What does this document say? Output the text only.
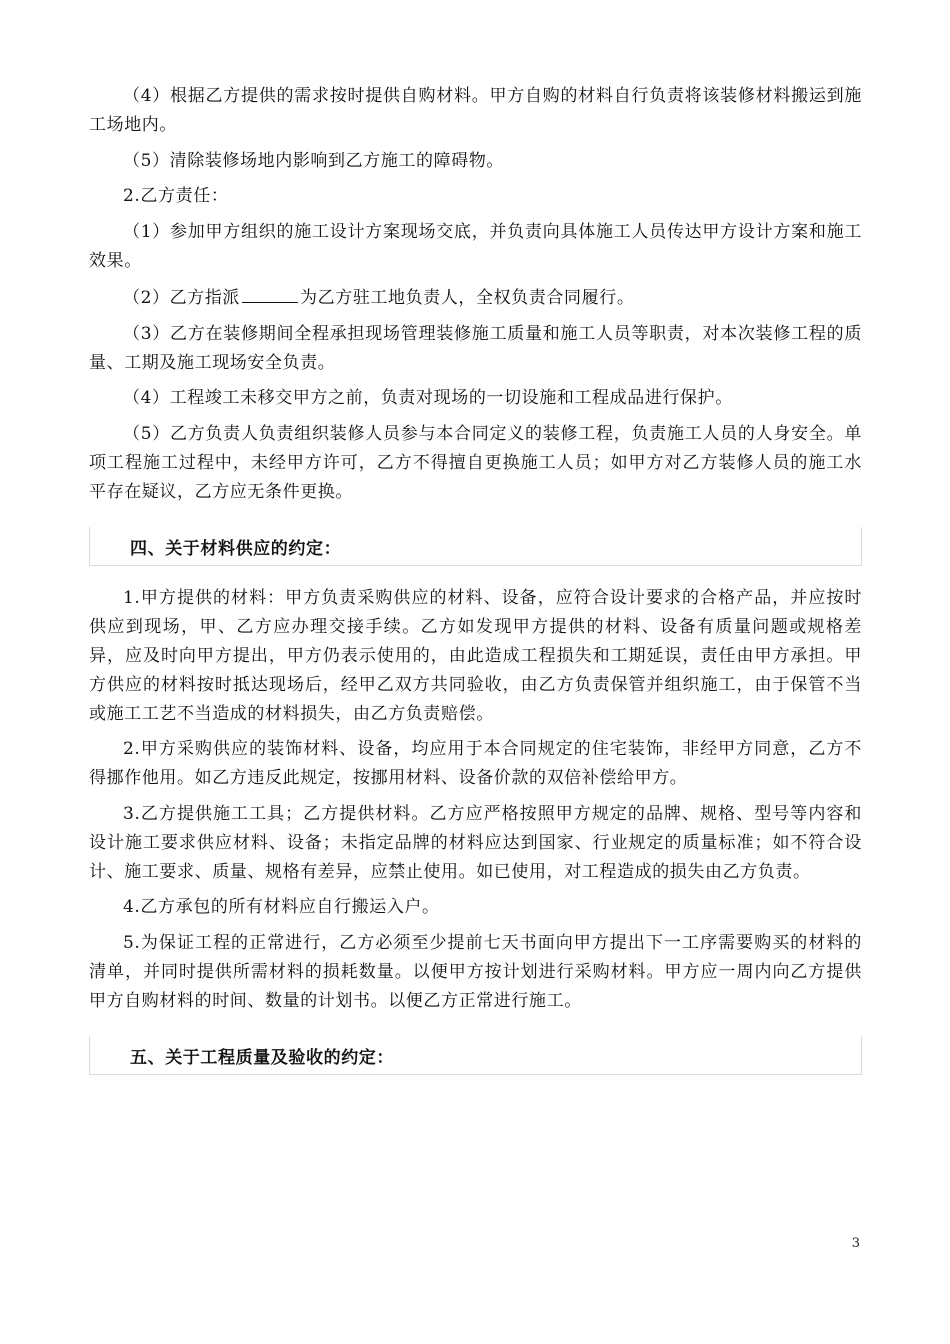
（4）根据乙方提供的需求按时提供自购材料。甲方自购的材料自行负责将该装修材料搬运到施工场地内。

（5）清除装修场地内影响到乙方施工的障碍物。

2.乙方责任：

（1）参加甲方组织的施工设计方案现场交底，并负责向具体施工人员传达甲方设计方案和施工效果。

（2）乙方指派	为乙方驻工地负责人，全权负责合同履行。

（3）乙方在装修期间全程承担现场管理装修施工质量和施工人员等职责，对本次装修工程的质量、工期及施工现场安全负责。

（4）工程竣工未移交甲方之前，负责对现场的一切设施和工程成品进行保护。

（5）乙方负责人负责组织装修人员参与本合同定义的装修工程，负责施工人员的人身安全。单项工程施工过程中，未经甲方许可，乙方不得擅自更换施工人员；如甲方对乙方装修人员的施工水平存在疑议，乙方应无条件更换。

四、关于材料供应的约定：

1.甲方提供的材料：甲方负责采购供应的材料、设备，应符合设计要求的合格产品，并应按时供应到现场，甲、乙方应办理交接手续。乙方如发现甲方提供的材料、设备有质量问题或规格差异，应及时向甲方提出，甲方仍表示使用的，由此造成工程损失和工期延误，责任由甲方承担。甲方供应的材料按时抵达现场后，经甲乙双方共同验收，由乙方负责保管并组织施工，由于保管不当或施工工艺不当造成的材料损失，由乙方负责赔偿。

2.甲方采购供应的装饰材料、设备，均应用于本合同规定的住宅装饰，非经甲方同意，乙方不得挪作他用。如乙方违反此规定，按挪用材料、设备价款的双倍补偿给甲方。

3.乙方提供施工工具；乙方提供材料。乙方应严格按照甲方规定的品牌、规格、型号等内容和设计施工要求供应材料、设备；未指定品牌的材料应达到国家、行业规定的质量标准；如不符合设计、施工要求、质量、规格有差异，应禁止使用。如已使用，对工程造成的损失由乙方负责。

4.乙方承包的所有材料应自行搬运入户。

5.为保证工程的正常进行，乙方必须至少提前七天书面向甲方提出下一工序需要购买的材料的清单，并同时提供所需材料的损耗数量。以便甲方按计划进行采购材料。甲方应一周内向乙方提供甲方自购材料的时间、数量的计划书。以便乙方正常进行施工。

五、关于工程质量及验收的约定：
3
